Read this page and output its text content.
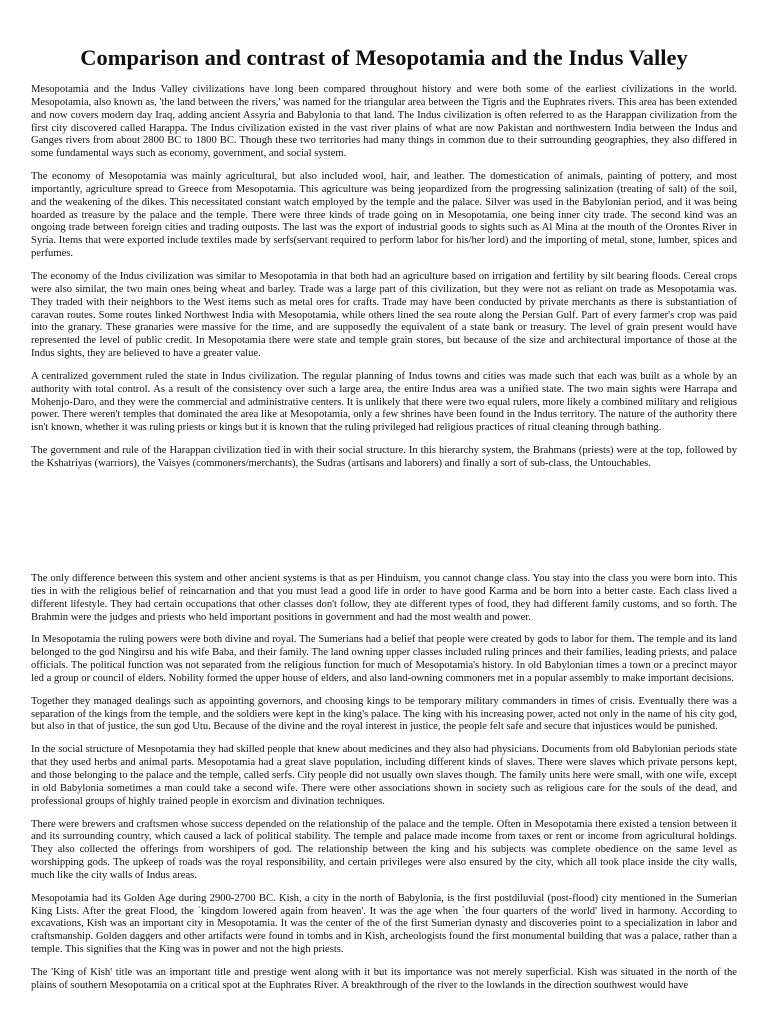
Comparison and contrast of Mesopotamia and the Indus Valley

Mesopotamia and the Indus Valley civilizations have long been compared throughout history and were both some of the earliest civilizations in the world. Mesopotamia, also known as, 'the land between the rivers,' was named for the triangular area between the Tigris and the Euphrates rivers. This area has been extended and now covers modern day Iraq, adding ancient Assyria and Babylonia to that land. The Indus civilization is often referred to as the Harappan civilization from the first city discovered called Harappa. The Indus civilization existed in the vast river plains of what are now Pakistan and northwestern India between the Indus and Ganges rivers from about 2800 BC to 1800 BC. Though these two territories had many things in common due to their surrounding geographies, they also differed in some fundamental ways such as economy, government, and social system.

The economy of Mesopotamia was mainly agricultural, but also included wool, hair, and leather. The domestication of animals, painting of pottery, and most importantly, agriculture spread to Greece from Mesopotamia. This agriculture was being jeopardized from the progressing salinization (treating of salt) of the soil, and the weakening of the dikes. This necessitated constant watch employed by the temple and the palace. Silver was used in the Babylonian period, and it was being hoarded as treasure by the palace and the temple. There were three kinds of trade going on in Mesopotamia, one being inner city trade. The second kind was an ongoing trade between foreign cities and trading outposts. The last was the export of industrial goods to sights such as Al Mina at the mouth of the Orontes River in Syria. Items that were exported include textiles made by serfs(servant required to perform labor for his/her lord) and the importing of metal, stone, lumber, spices and perfumes.

The economy of the Indus civilization was similar to Mesopotamia in that both had an agriculture based on irrigation and fertility by silt bearing floods. Cereal crops were also similar, the two main ones being wheat and barley. Trade was a large part of this civilization, but they were not as reliant on trade as Mesopotamia was. They traded with their neighbors to the West items such as metal ores for crafts. Trade may have been conducted by private merchants as there is substantiation of caravan routes. Some routes linked Northwest India with Mesopotamia, while others lined the sea route along the Persian Gulf. Part of every farmer's crop was paid into the granary. These granaries were massive for the time, and are supposedly the equivalent of a state bank or treasury. The level of grain present would have represented the level of public credit. In Mesopotamia there were state and temple grain stores, but because of the size and architectural importance of those at the Indus sights, they are believed to have a greater value.

A centralized government ruled the state in Indus civilization. The regular planning of Indus towns and cities was made such that each was built as a whole by an authority with total control. As a result of the consistency over such a large area, the entire Indus area was a unified state. The two main sights were Harrapa and Mohenjo-Daro, and they were the commercial and administrative centers. It is unlikely that there were two equal rulers, more likely a combined military and religious power. There weren't temples that dominated the area like at Mesopotamia, only a few shrines have been found in the Indus territory. The nature of the authority there isn't known, whether it was ruling priests or kings but it is known that the ruling privileged had religious practices of ritual cleaning through bathing.

The government and rule of the Harappan civilization tied in with their social structure. In this hierarchy system, the Brahmans (priests) were at the top, followed by the Kshatriyas (warriors), the Vaisyes (commoners/merchants), the Sudras (artisans and laborers) and finally a sort of sub-class, the Untouchables.

The only difference between this system and other ancient systems is that as per Hinduism, you cannot change class. You stay into the class you were born into. This ties in with the religious belief of reincarnation and that you must lead a good life in order to have good Karma and be born into a better caste. Each class lived a different lifestyle. They had certain occupations that other classes don't follow, they ate different types of food, they had different family customs, and so forth. The Brahmin were the judges and priests who held important positions in government and had the most wealth and power.

In Mesopotamia the ruling powers were both divine and royal. The Sumerians had a belief that people were created by gods to labor for them. The temple and its land belonged to the god Ningirsu and his wife Baba, and their family. The land owning upper classes included ruling princes and their families, leading priests, and palace officials. The political function was not separated from the religious function for much of Mesopotamia's history. In old Babylonian times a town or a precinct mayor led a group or council of elders. Nobility formed the upper house of elders, and also land-owning commoners met in a popular assembly to make important decisions.

Together they managed dealings such as appointing governors, and choosing kings to be temporary military commanders in times of crisis. Eventually there was a separation of the kings from the temple, and the soldiers were kept in the king's palace. The king with his increasing power, acted not only in the name of his city god, but also in that of justice, the sun god Utu. Because of the divine and the royal interest in justice, the people felt safe and secure that injustices would be punished.

In the social structure of Mesopotamia they had skilled people that knew about medicines and they also had physicians. Documents from old Babylonian periods state that they used herbs and animal parts. Mesopotamia had a great slave population, including different kinds of slaves. There were slaves which private persons kept, and those belonging to the palace and the temple, called serfs. City people did not usually own slaves though. The family units here were small, with one wife, except in old Babylonia sometimes a man could take a second wife. There were other associations shown in society such as religious care for the souls of the dead, and professional groups of highly trained people in exorcism and divination techniques.

There were brewers and craftsmen whose success depended on the relationship of the palace and the temple. Often in Mesopotamia there existed a tension between it and its surrounding country, which caused a lack of political stability. The temple and palace made income from taxes or rent or income from agricultural holdings. They also collected the offerings from worshipers of god. The relationship between the king and his subjects was complete obedience on the same level as worshipping gods. The upkeep of roads was the royal responsibility, and certain privileges were also ensured by the city, which all took place inside the city walls, much like the city walls of Indus areas.

Mesopotamia had its Golden Age during 2900-2700 BC. Kish, a city in the north of Babylonia, is the first postdiluvial (post-flood) city mentioned in the Sumerian King Lists. After the great Flood, the `kingdom lowered again from heaven'. It was the age when `the four quarters of the world' lived in harmony. According to excavations, Kish was an important city in Mesopotamia. It was the center of the of the first Sumerian dynasty and discoveries point to a specialization in labor and craftsmanship. Golden daggers and other artifacts were found in tombs and in Kish, archeologists found the first monumental building that was a palace, rather than a temple. This signifies that the King was in power and not the high priests.

The 'King of Kish' title was an important title and prestige went along with it but its importance was not merely superficial. Kish was situated in the north of the plains of southern Mesopotamia on a critical spot at the Euphrates River. A breakthrough of the river to the lowlands in the direction southwest would have
